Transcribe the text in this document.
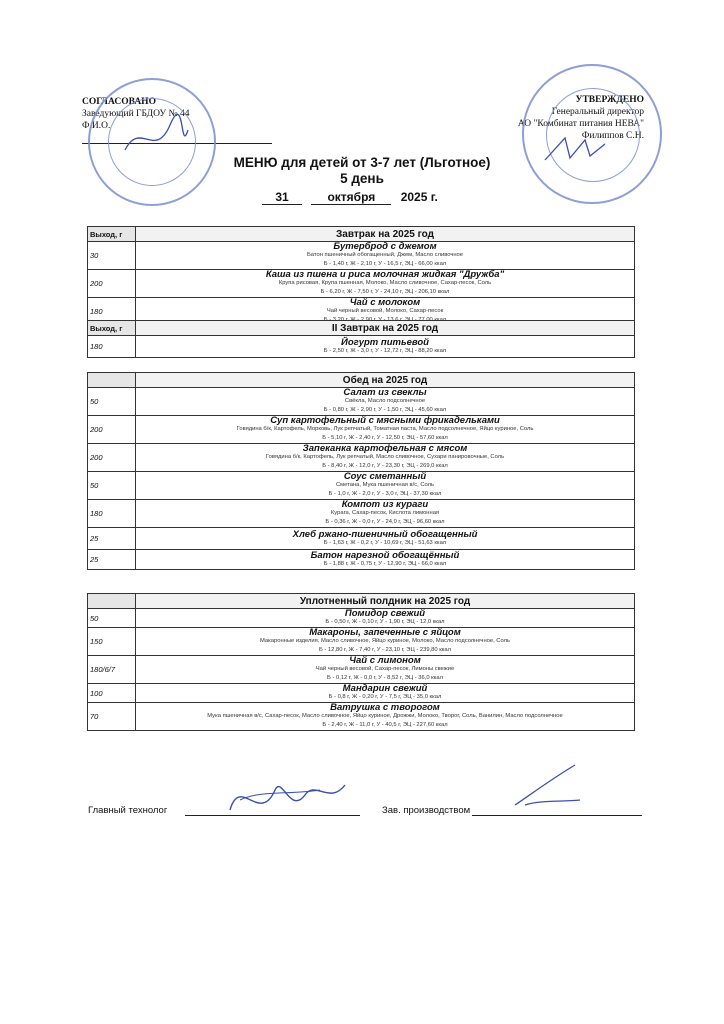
СОГЛАСОВАНО
Заведующий ГБДОУ № 44
Ф.И.О.
УТВЕРЖДЕНО
Генеральный директор
АО "Комбинат питания НЕВА"
Филиппов С.Н.
МЕНЮ для детей от 3-7 лет (Льготное)
5 день
31	октября 2025 г.
Выход, г	Завтрак на 2025 год
30	Бутерброд с джемом
Батон пшеничный обогащенный, Джем, Масло сливочное
Б - 1,40 г, Ж - 2,10 г, У - 16,5 г, ЭЦ - 66,00 ккал

200	Каша из пшена и риса молочная жидкая "Дружба"
Крупа рисовая, Крупа пшенная, Молоко, Масло сливочное, Сахар-песок, Соль
Б - 6,20 г, Ж - 7,50 г, У - 24,10 г, ЭЦ - 206,10 ккал

180	Чай с молоком
Чай черный весовой, Молоко, Сахар-песок
Выход, г	II Завтрак на 2025 год
180	Йогурт питьевой
Б - 2,50 г, Ж - 3,0 г, У - 12,72 г, ЭЦ - 88,20 ккал
	Обед на 2025 год
50	Салат из свеклы
Свёкла, Масло подсолнечное
Б - 0,80 г, Ж - 2,90 г, У - 1,50 г, ЭЦ - 45,60 ккал

200	Суп картофельный с мясными фрикадельками
Говядина б/к, Картофель, Морковь, Лук репчатый, Томатная паста, Масло подсолнечное, Яйцо куриное, Соль
Б - 5,10 г, Ж - 2,40 г, У - 12,50 г, ЭЦ - 57,60 ккал

200	Запеканка картофельная с мясом
Говядина б/к, Картофель, Лук репчатый, Масло сливочное, Сухари панировочные, Соль
Б - 8,40 г, Ж - 12,0 г, У - 23,30 г, ЭЦ - 269,0 ккал

50	Соус сметанный
Сметана, Мука пшеничная в/с, Соль
Б - 1,0 г, Ж - 2,0 г, У - 3,0 г, ЭЦ - 37,30 ккал

180	Компот из кураги
Курага, Сахар-песок, Кислота лимонная
Б - 0,36 г, Ж - 0,0 г, У - 24,0 г, ЭЦ - 96,60 ккал

25	Хлеб ржано-пшеничный обогащенный
Б - 1,63 г, Ж - 0,2 г, У - 10,69 г, ЭЦ - 51,63 ккал

25	Батон нарезной обогащённый
Б - 1,88 г, Ж - 0,75 г, У - 12,90 г, ЭЦ - 66,0 ккал
	Уплотненный полдник на 2025 год
50	Помидор свежий
Б - 0,50 г, Ж - 0,10 г, У - 1,90 г, ЭЦ - 12,0 ккал

150	Макароны, запеченные с яйцом
Макаронные изделия, Масло сливочное, Яйцо куриное, Молоко, Масло подсолнечное, Соль
Б - 12,80 г, Ж - 7,40 г, У - 23,10 г, ЭЦ - 239,80 ккал

180/6/7	Чай с лимоном
Чай черный весовой, Сахар-песок, Лимоны свежие
Б - 0,12 г, Ж - 0,0 г, У - 8,52 г, ЭЦ - 36,0 ккал

100	Мандарин свежий
Б - 0,8 г, Ж - 0,20 г, У - 7,5 г, ЭЦ - 35,0 ккал

70	Ватрушка с творогом
Мука пшеничная в/с, Сахар-песок, Масло сливочное, Яйцо куриное, Дрожжи, Молоко, Творог, Соль, Ванилин, Масло подсолнечное
Б - 2,40 г, Ж - 11,0 г, У - 40,5 г, ЭЦ - 227,60 ккал
Главный технолог	Зав. производством
